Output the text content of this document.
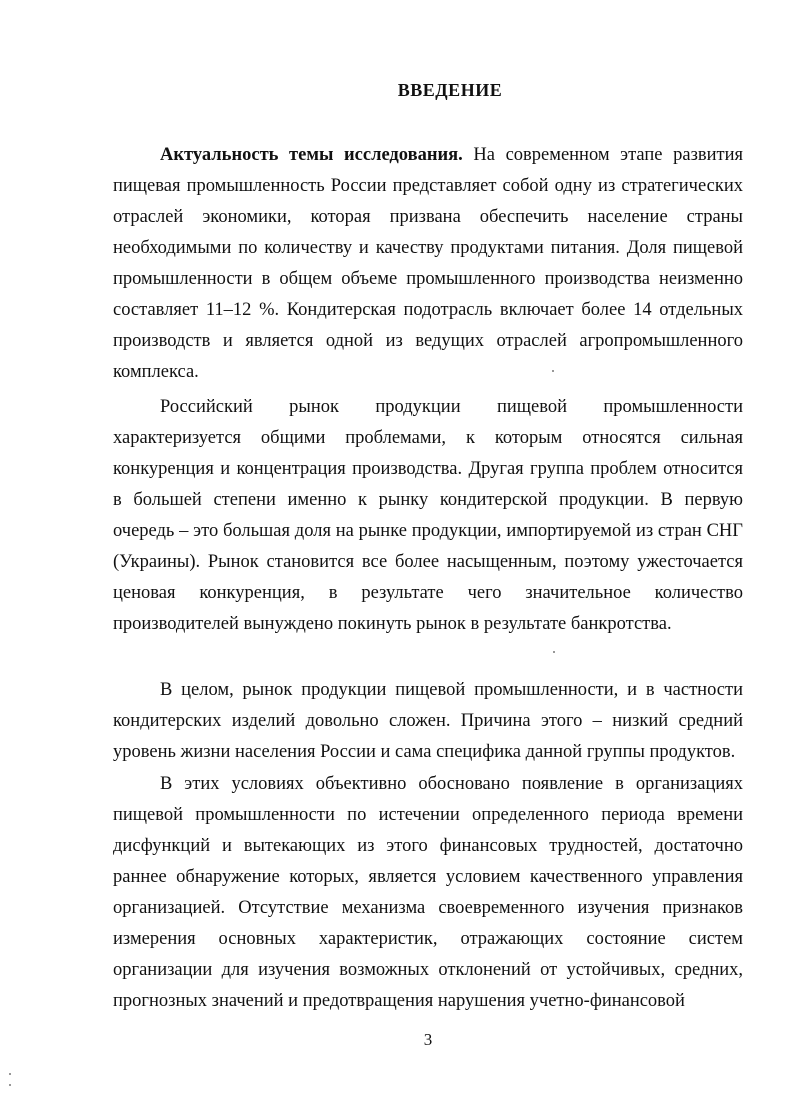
ВВЕДЕНИЕ

Актуальность темы исследования. На современном этапе развития пищевая промышленность России представляет собой одну из стратегических отраслей экономики, которая призвана обеспечить население страны необходимыми по количеству и качеству продуктами питания. Доля пищевой промышленности в общем объеме промышленного производства неизменно составляет 11–12 %. Кондитерская подотрасль включает более 14 отдельных производств и является одной из ведущих отраслей агропромышленного комплекса.

Российский рынок продукции пищевой промышленности характеризуется общими проблемами, к которым относятся сильная конкуренция и концентрация производства. Другая группа проблем относится в большей степени именно к рынку кондитерской продукции. В первую очередь – это большая доля на рынке продукции, импортируемой из стран СНГ (Украины). Рынок становится все более насыщенным, поэтому ужесточается ценовая конкуренция, в результате чего значительное количество производителей вынуждено покинуть рынок в результате банкротства.

В целом, рынок продукции пищевой промышленности, и в частности кондитерских изделий довольно сложен. Причина этого – низкий средний уровень жизни населения России и сама специфика данной группы продуктов.

В этих условиях объективно обосновано появление в организациях пищевой промышленности по истечении определенного периода времени дисфункций и вытекающих из этого финансовых трудностей, достаточно раннее обнаружение которых, является условием качественного управления организацией. Отсутствие механизма своевременного изучения признаков измерения основных характеристик, отражающих состояние систем организации для изучения возможных отклонений от устойчивых, средних, прогнозных значений и предотвращения нарушения учетно-финансовой

3
